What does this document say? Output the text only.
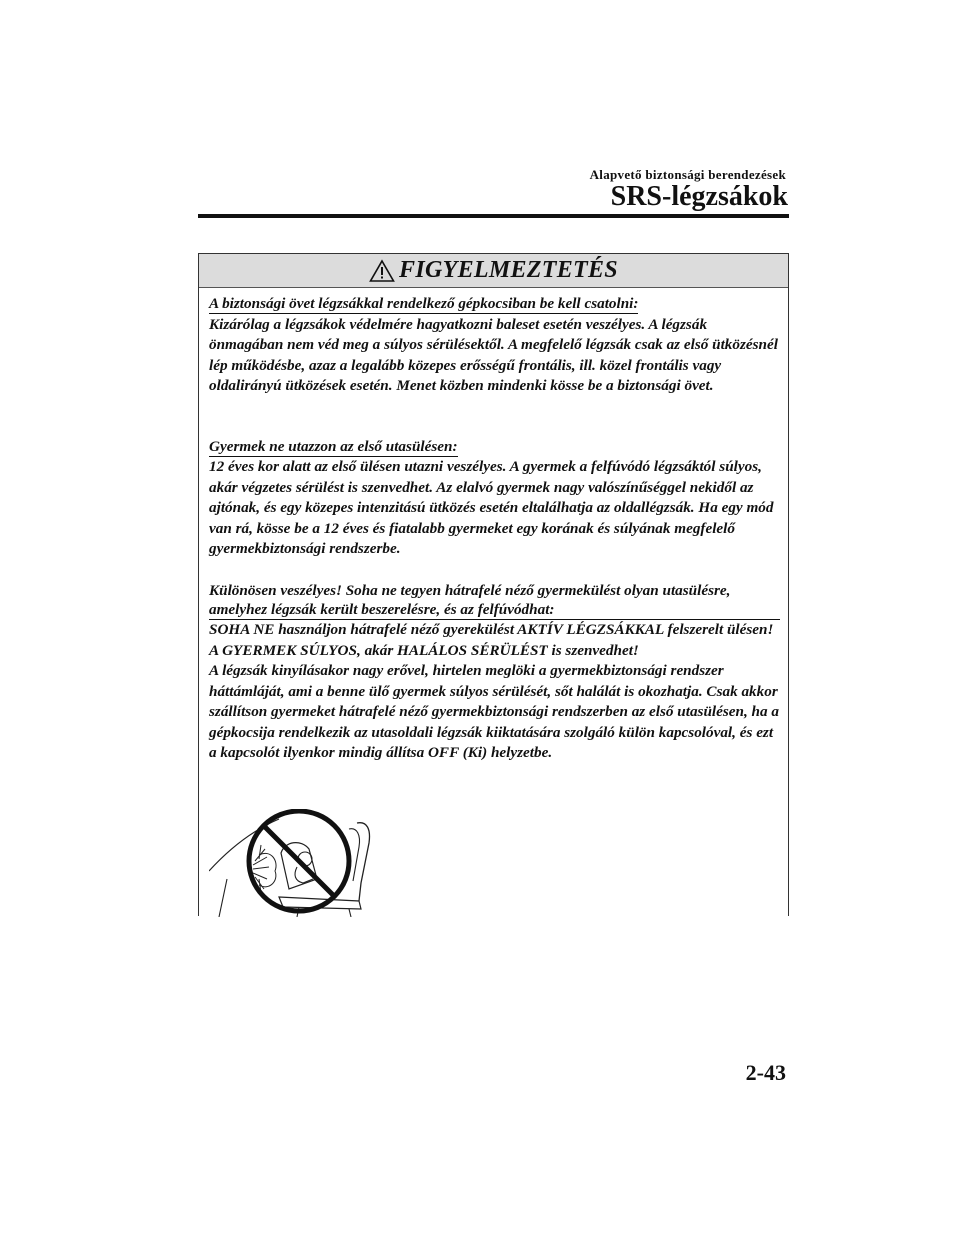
Alapvető biztonsági berendezések
SRS-légzsákok
FIGYELMEZTETÉS
A biztonsági övet légzsákkal rendelkező gépkocsiban be kell csatolni:

Kizárólag a légzsákok védelmére hagyatkozni baleset esetén veszélyes. A légzsák önmagában nem véd meg a súlyos sérülésektől. A megfelelő légzsák csak az első ütközésnél lép működésbe, azaz a legalább közepes erősségű frontális, ill. közel frontális vagy oldalirányú ütközések esetén. Menet közben mindenki kösse be a biztonsági övet.

Gyermek ne utazzon az első utasülésen:

12 éves kor alatt az első ülésen utazni veszélyes. A gyermek a felfúvódó légzsáktól súlyos, akár végzetes sérülést is szenvedhet. Az elalvó gyermek nagy valószínűséggel nekidől az ajtónak, és egy közepes intenzitású ütközés esetén eltalálhatja az oldallégzsák. Ha egy mód van rá, kösse be a 12 éves és fiatalabb gyermeket egy korának és súlyának megfelelő gyermekbiztonsági rendszerbe.

Különösen veszélyes! Soha ne tegyen hátrafelé néző gyermekülést olyan utasülésre, amelyhez légzsák került beszerelésre, és az felfúvódhat:

SOHA NE használjon hátrafelé néző gyerekülést AKTÍV LÉGZSÁKKAL felszerelt ülésen! A GYERMEK SÚLYOS, akár HALÁLOS SÉRÜLÉST is szenvedhet!

A légzsák kinyílásakor nagy erővel, hirtelen meglöki a gyermekbiztonsági rendszer háttámláját, ami a benne ülő gyermek súlyos sérülését, sőt halálát is okozhatja. Csak akkor szállítson gyermeket hátrafelé néző gyermekbiztonsági rendszerben az első utasülésen, ha a gépkocsija rendelkezik az utasoldali légzsák kiiktatására szolgáló külön kapcsolóval, és ezt a kapcsolót ilyenkor mindig állítsa OFF (Ki) helyzetbe.

2-43
